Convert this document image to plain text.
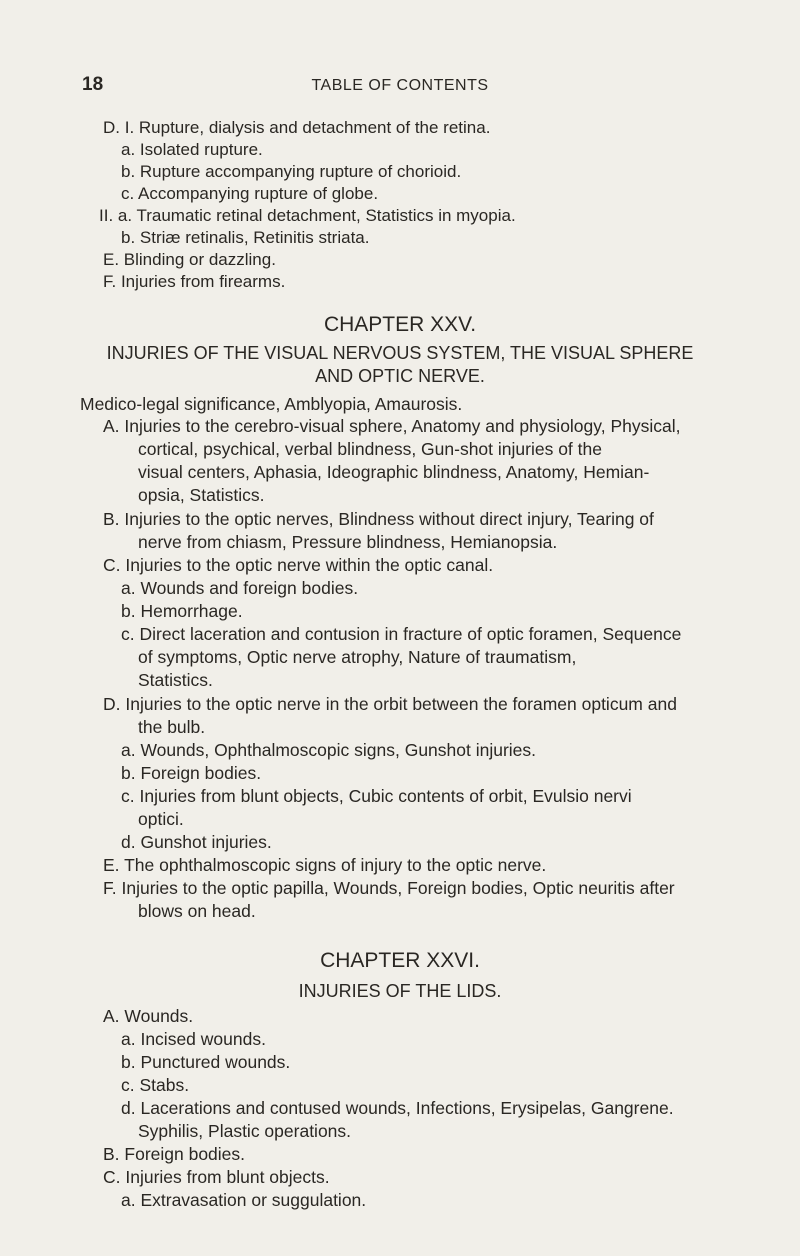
18	TABLE OF CONTENTS
D. I. Rupture, dialysis and detachment of the retina.
a. Isolated rupture.
b. Rupture accompanying rupture of chorioid.
c. Accompanying rupture of globe.
II. a. Traumatic retinal detachment, Statistics in myopia.
b. Striæ retinalis, Retinitis striata.
E. Blinding or dazzling.
F. Injuries from firearms.
CHAPTER XXV.
INJURIES OF THE VISUAL NERVOUS SYSTEM, THE VISUAL SPHERE
AND OPTIC NERVE.
Medico-legal significance, Amblyopia, Amaurosis.
A. Injuries to the cerebro-visual sphere, Anatomy and physiology, Physical,
cortical, psychical, verbal blindness, Gun-shot injuries of the
visual centers, Aphasia, Ideographic blindness, Anatomy, Hemian-
opsia, Statistics.
B. Injuries to the optic nerves, Blindness without direct injury, Tearing of
nerve from chiasm, Pressure blindness, Hemianopsia.
C. Injuries to the optic nerve within the optic canal.
a. Wounds and foreign bodies.
b. Hemorrhage.
c. Direct laceration and contusion in fracture of optic foramen, Sequence
of symptoms, Optic nerve atrophy, Nature of traumatism,
Statistics.
D. Injuries to the optic nerve in the orbit between the foramen opticum and
the bulb.
a. Wounds, Ophthalmoscopic signs, Gunshot injuries.
b. Foreign bodies.
c. Injuries from blunt objects, Cubic contents of orbit, Evulsio nervi
optici.
d. Gunshot injuries.
E. The ophthalmoscopic signs of injury to the optic nerve.
F. Injuries to the optic papilla, Wounds, Foreign bodies, Optic neuritis after
blows on head.
CHAPTER XXVI.
INJURIES OF THE LIDS.
A. Wounds.
a. Incised wounds.
b. Punctured wounds.
c. Stabs.
d. Lacerations and contused wounds, Infections, Erysipelas, Gangrene.
Syphilis, Plastic operations.
B. Foreign bodies.
C. Injuries from blunt objects.
a. Extravasation or suggulation.
